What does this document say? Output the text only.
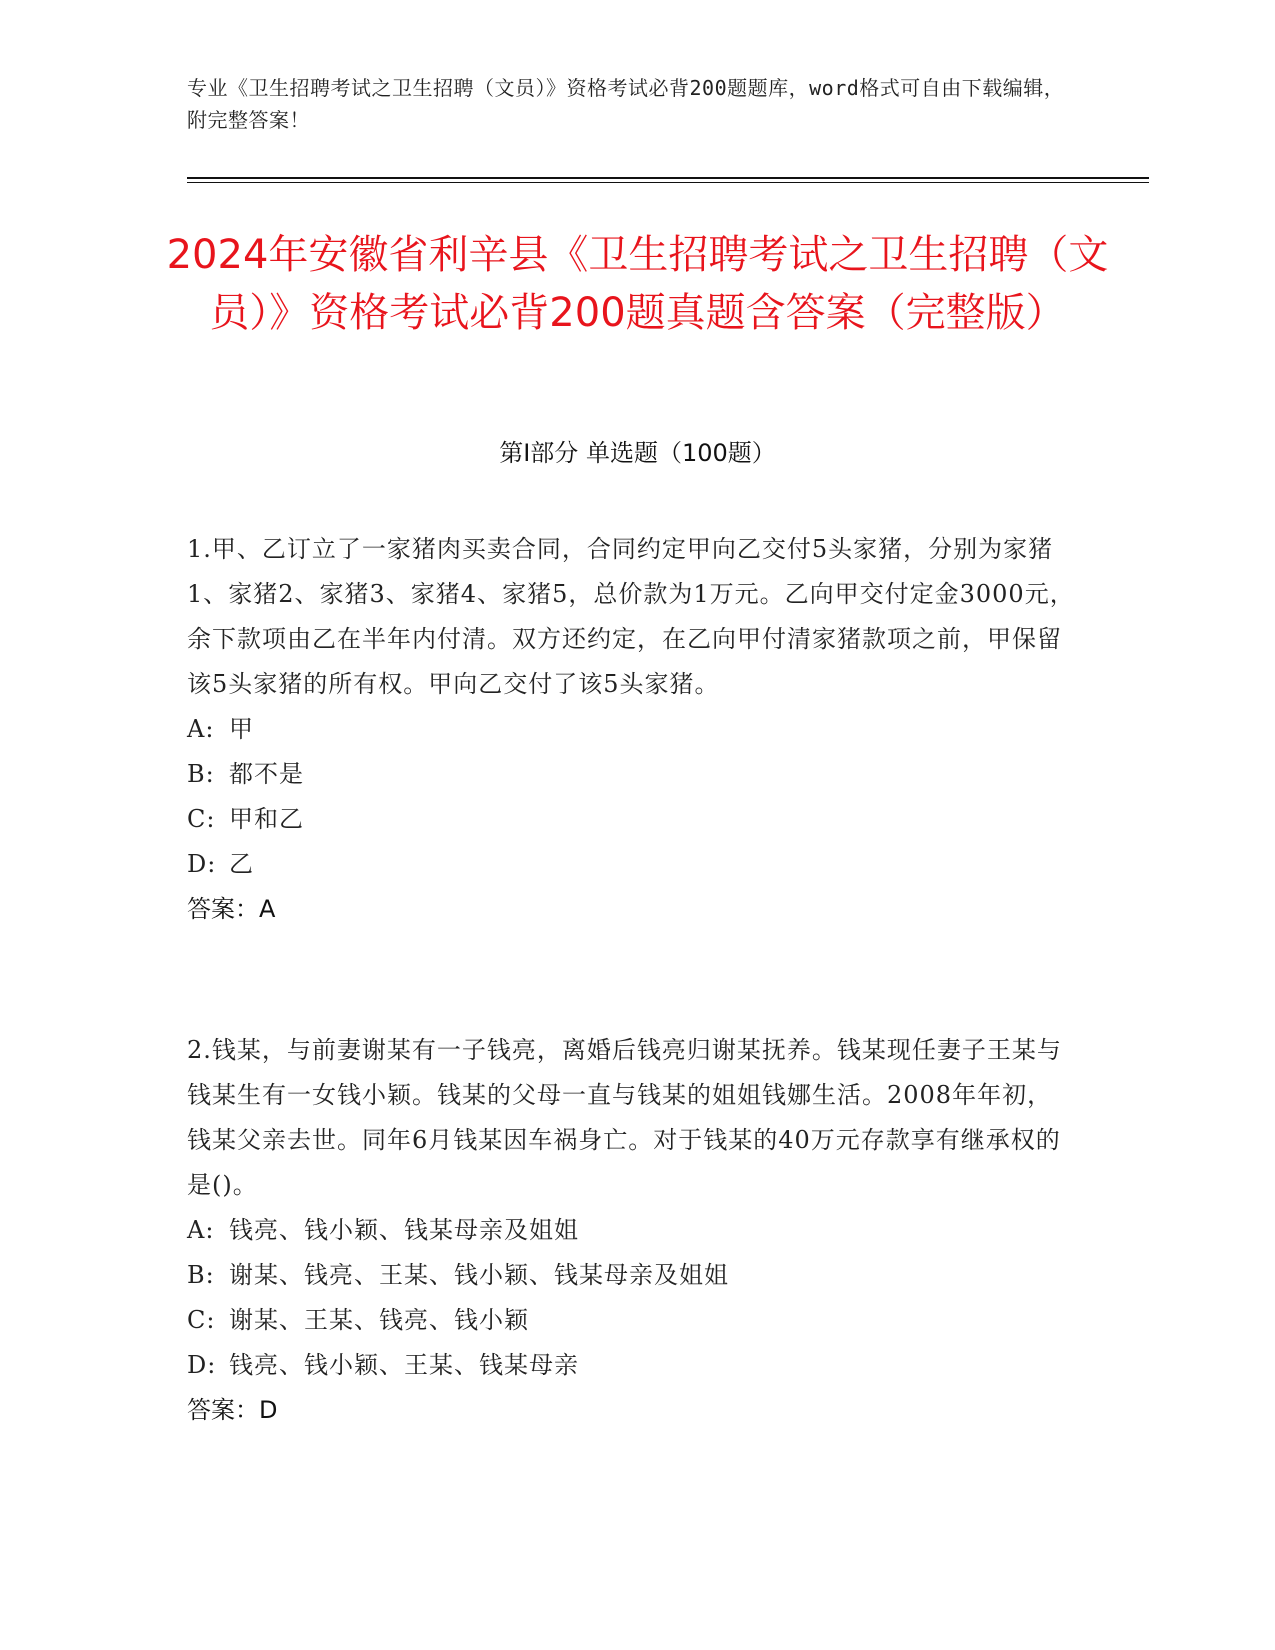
专业《卫生招聘考试之卫生招聘（文员）》资格考试必背200题题库，word格式可自由下载编辑，附完整答案！
2024年安徽省利辛县《卫生招聘考试之卫生招聘（文员）》资格考试必背200题真题含答案（完整版）
第Ⅰ部分 单选题（100题）

1.甲、乙订立了一家猪肉买卖合同，合同约定甲向乙交付5头家猪，分别为家猪1、家猪2、家猪3、家猪4、家猪5，总价款为1万元。乙向甲交付定金3000元，余下款项由乙在半年内付清。双方还约定，在乙向甲付清家猪款项之前，甲保留该5头家猪的所有权。甲向乙交付了该5头家猪。

A: 甲
B: 都不是
C: 甲和乙
D: 乙
答案：A

2.钱某，与前妻谢某有一子钱亮，离婚后钱亮归谢某抚养。钱某现任妻子王某与钱某生有一女钱小颖。钱某的父母一直与钱某的姐姐钱娜生活。2008年年初，钱某父亲去世。同年6月钱某因车祸身亡。对于钱某的40万元存款享有继承权的是()。

A: 钱亮、钱小颖、钱某母亲及姐姐
B: 谢某、钱亮、王某、钱小颖、钱某母亲及姐姐
C: 谢某、王某、钱亮、钱小颖
D: 钱亮、钱小颖、王某、钱某母亲
答案：D
